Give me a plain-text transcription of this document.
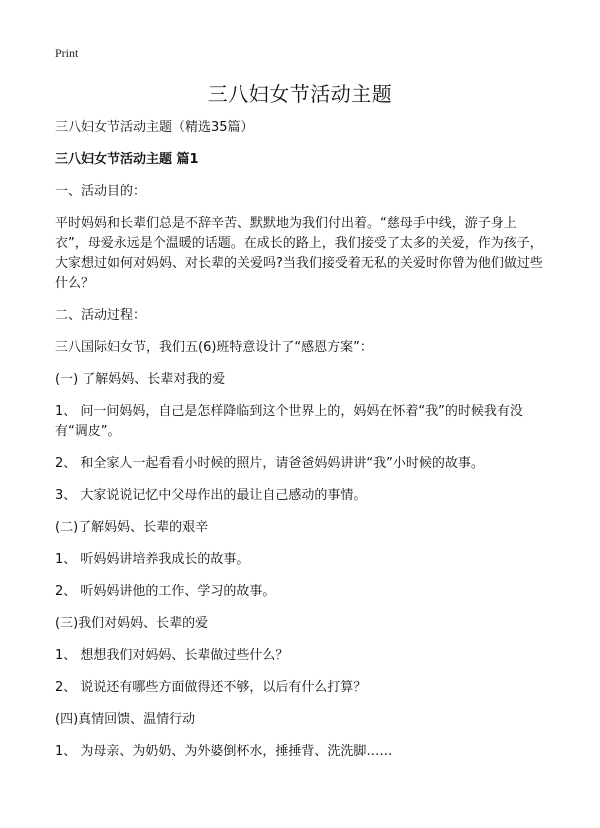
Print
三八妇女节活动主题

三八妇女节活动主题（精选35篇）

三八妇女节活动主题 篇1

一、活动目的：

平时妈妈和长辈们总是不辞辛苦、默默地为我们付出着。“慈母手中线，游子身上衣”，母爱永远是个温暖的话题。在成长的路上，我们接受了太多的关爱，作为孩子，大家想过如何对妈妈、对长辈的关爱吗?当我们接受着无私的关爱时你曾为他们做过些什么？

二、活动过程：

三八国际妇女节，我们五(6)班特意设计了“感恩方案”：

(一) 了解妈妈、长辈对我的爱

1、 问一问妈妈，自己是怎样降临到这个世界上的，妈妈在怀着“我”的时候我有没有“调皮”。

2、 和全家人一起看看小时候的照片，请爸爸妈妈讲讲“我”小时候的故事。

3、 大家说说记忆中父母作出的最让自己感动的事情。

(二)了解妈妈、长辈的艰辛

1、 听妈妈讲培养我成长的故事。

2、 听妈妈讲他的工作、学习的故事。

(三)我们对妈妈、长辈的爱

1、 想想我们对妈妈、长辈做过些什么？

2、 说说还有哪些方面做得还不够，以后有什么打算？

(四)真情回馈、温情行动

1、 为母亲、为奶奶、为外婆倒杯水，捶捶背、洗洗脚……
